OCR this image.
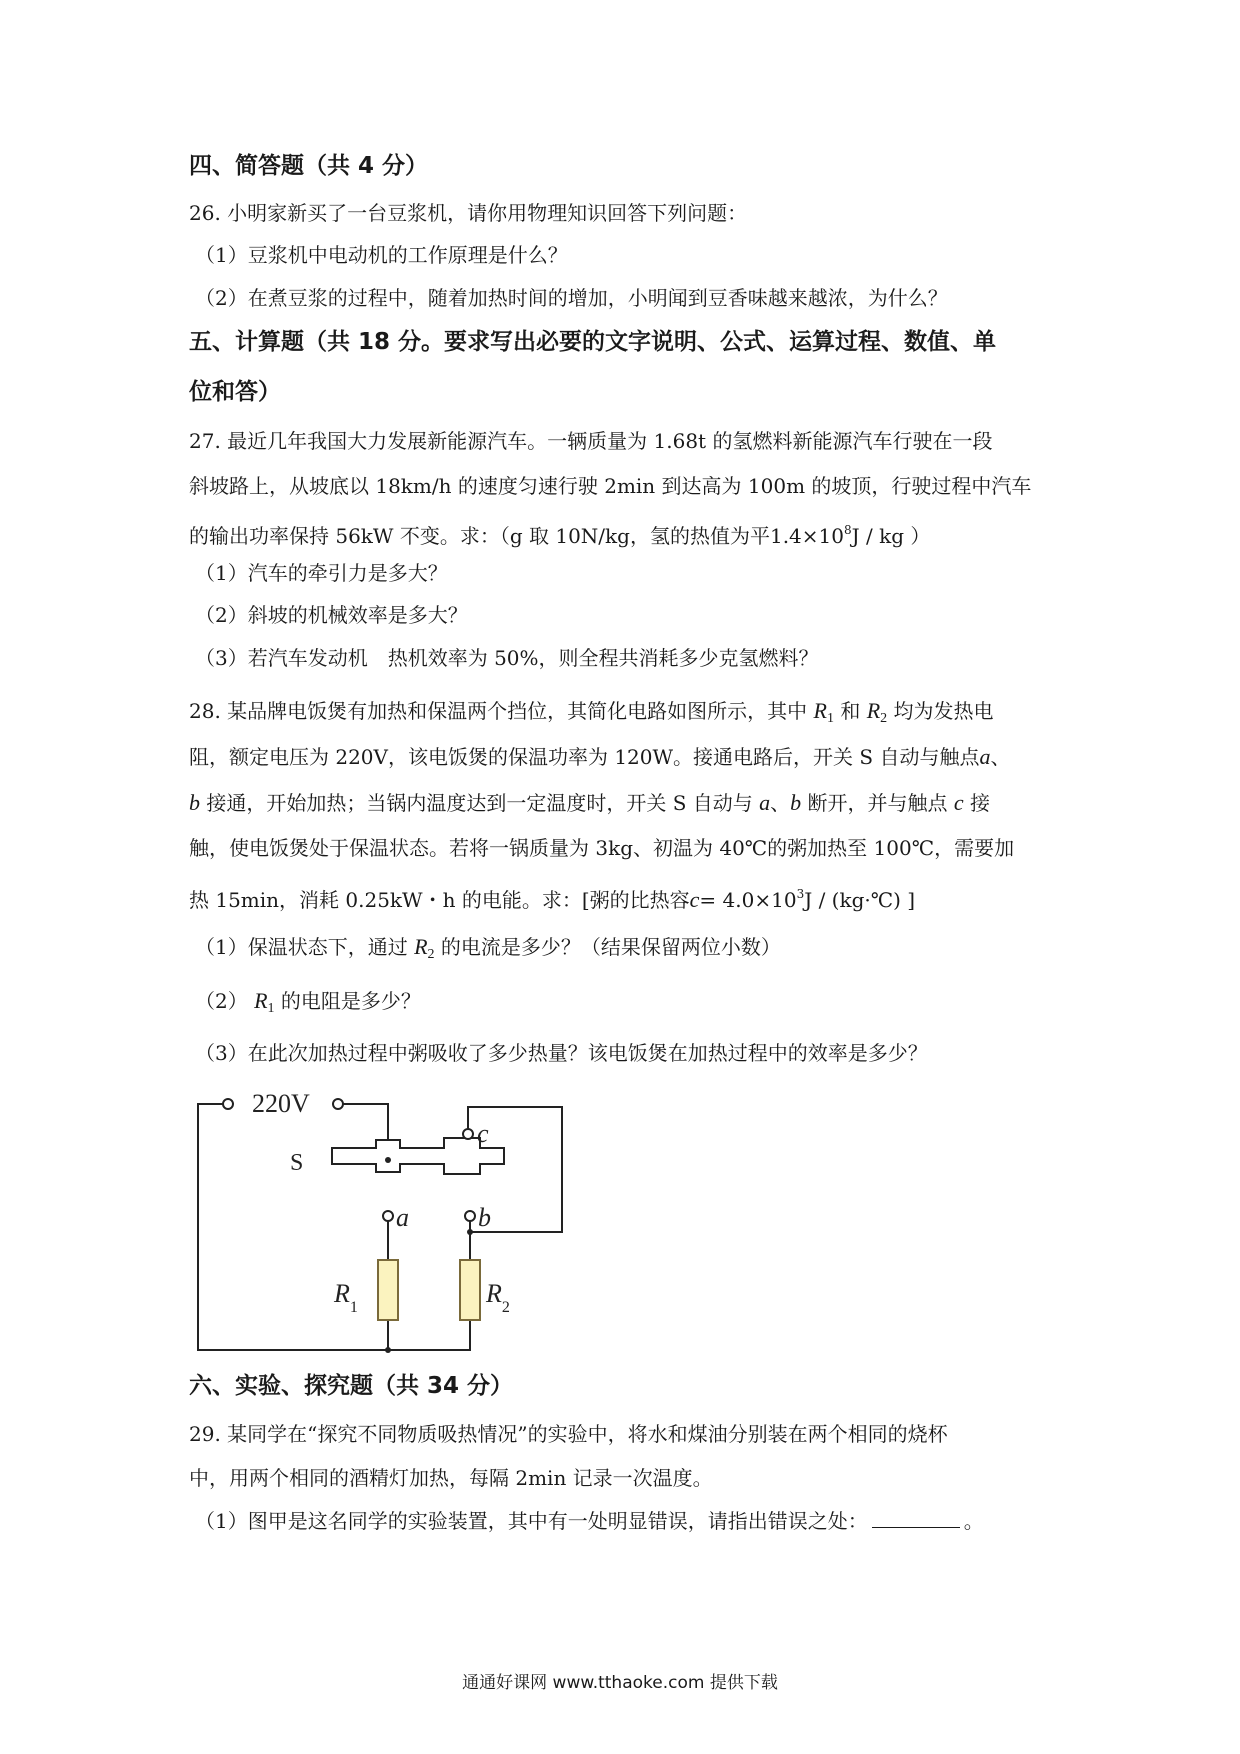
四、简答题（共 4 分）
26. 小明家新买了一台豆浆机，请你用物理知识回答下列问题：
（1）豆浆机中电动机的工作原理是什么？
（2）在煮豆浆的过程中，随着加热时间的增加，小明闻到豆香味越来越浓，为什么？
五、计算题（共 18 分。要求写出必要的文字说明、公式、运算过程、数值、单
位和答）
27. 最近几年我国大力发展新能源汽车。一辆质量为 1.68t 的氢燃料新能源汽车行驶在一段
斜坡路上，从坡底以 18km/h 的速度匀速行驶 2min 到达高为 100m 的坡顶，行驶过程中汽车
的输出功率保持 56kW 不变。求：（g 取 10N/kg，氢的热值为平$1.4\times 10^8J$ / kg ）
（1）汽车的牵引力是多大？
（2）斜坡的机械效率是多大？
（3）若汽车发动机　热机效率为 50%，则全程共消耗多少克氢燃料？
28. 某品牌电饭煲有加热和保温两个挡位，其简化电路如图所示，其中 $R_1$ 和 $R_2$ 均为发热电
阻，额定电压为 220V，该电饭煲的保温功率为 120W。接通电路后，开关 S 自动与触点a、
b 接通，开始加热；当锅内温度达到一定温度时，开关 S 自动与 a、b 断开，并与触点 c 接
触，使电饭煲处于保温状态。若将一锅质量为 3kg、初温为 40℃的粥加热至 100℃，需要加
热 15min，消耗 0.25kW・h 的电能。求：[粥的比热容$c= 4.0\times 10^3J$ / (kg·℃) ]
（1）保温状态下，通过 $R_2$ 的电流是多少？（结果保留两位小数）
（2） $R_1$ 的电阻是多少？
（3）在此次加热过程中粥吸收了多少热量？该电饭煲在加热过程中的效率是多少？
220V
S
c
a	b
$R_1$	$R_2$
六、实验、探究题（共 34 分）
29. 某同学在“探究不同物质吸热情况”的实验中，将水和煤油分别装在两个相同的烧杯
中，用两个相同的酒精灯加热，每隔 2min 记录一次温度。
（1）图甲是这名同学的实验装置，其中有一处明显错误，请指出错误之处：	。
通通好课网 www.tthaoke.com 提供下载
